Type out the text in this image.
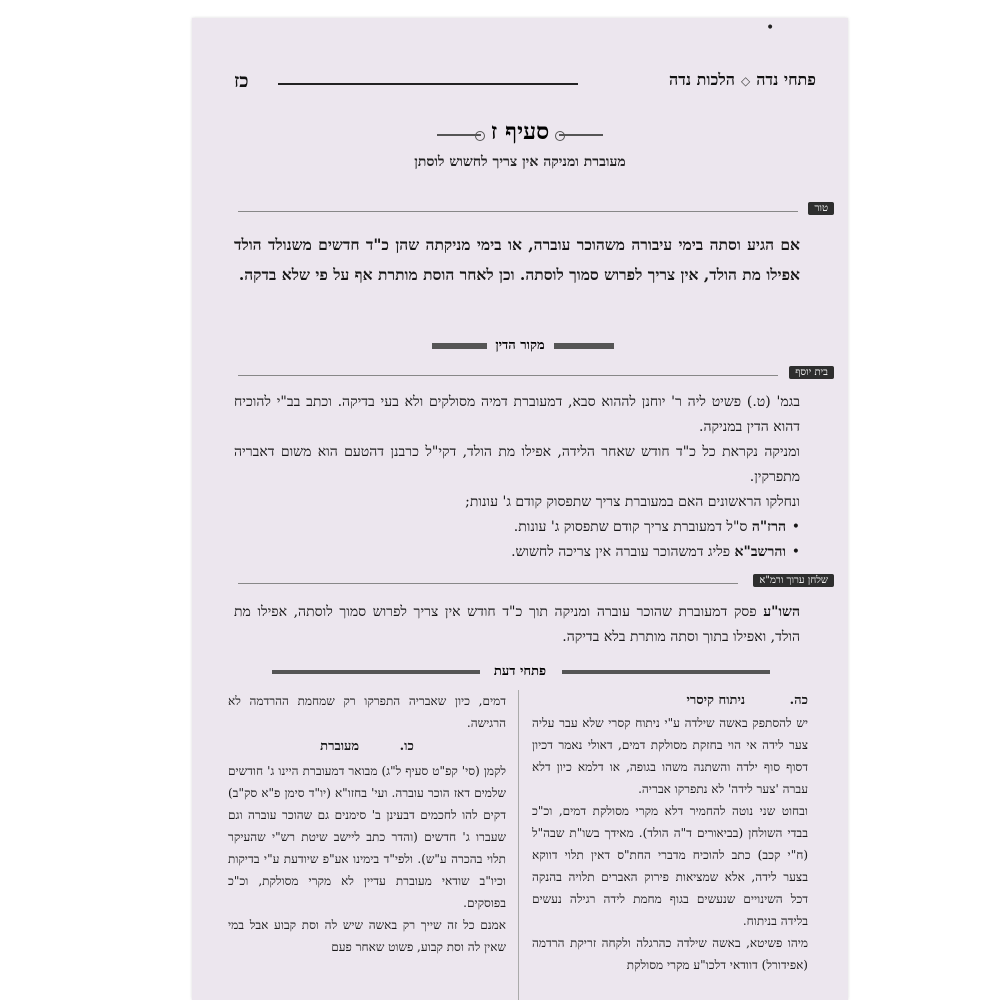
•
כז	פתחי נדה◇הלכות נדה
סעיף ז
מעוברת ומניקה אין צריך לחשוש לוסתן
טור
אם הגיע וסתה בימי עיבורה משהוכר עוברה, או בימי מניקתה שהן כ"ד חדשים משנולד הולד אפילו מת הולד, אין צריך לפרוש סמוך לוסתה. וכן לאחר הוסת מותרת אף על פי שלא בדקה.
מקור הדין
בית יוסף

בגמ' (ט.) פשיט ליה ר' יוחנן לההוא סבא, דמעוברת דמיה מסולקים ולא בעי בדיקה. וכתב בב"י להוכיח דהוא הדין במניקה.

ומניקה נקראת כל כ"ד חודש שאחר הלידה, אפילו מת הולד, דקי"ל כרבנן דהטעם הוא משום דאבריה מתפרקין.

ונחלקו הראשונים האם במעוברת צריך שתפסוק קודם ג' עונות;

• הרז"ה ס"ל דמעוברת צריך קודם שתפסוק ג' עונות.
• והרשב"א פליג דמשהוכר עוברה אין צריכה לחשוש.
שלחן ערוך ורמ"א
השו"ע פסק דמעוברת שהוכר עוברה ומניקה תוך כ"ד חודש אין צריך לפרוש סמוך לוסתה, אפילו מת הולד, ואפילו בתוך וסתה מותרת בלא בדיקה.
פתחי דעת
כה. ניתוח קיסרי

יש להסתפק באשה שילדה ע"י ניתוח קסרי שלא עבר עליה צער לידה אי הוי בחזקת מסולקת דמים, דאולי נאמר דכיון דסוף סוף ילדה והשתנה משהו בגופה, או דלמא כיון דלא עברה 'צער לידה' לא נתפרקו אבריה.

ובחוט שני נוטה להחמיר דלא מקרי מסולקת דמים, וכ"כ בבדי השולחן (בביאורים ד"ה הולד). מאידך בשו"ת שבה"ל (ח"י קכב) כתב להוכיח מדברי החת"ס דאין תלוי דווקא בצער לידה, אלא שמציאות פירוק האברים תלויה בהנקה דכל השינויים שנעשים בגוף מחמת לידה רגילה נעשים בלידה בניתוח.

מיהו פשיטא, באשה שילדה כהרגלה ולקחה זריקת הרדמה (אפידורל) דוודאי דלכו"ע מקרי מסולקת

דמים, כיון שאבריה התפרקו רק שמחמת ההרדמה לא הרגישה.

כו. מעוברת

לקמן (סי' קפ"ט סעיף ל"ג) מבואר דמעוברת היינו ג' חודשים שלמים דאז הוכר עוברה. ועי' בחזו"א (יו"ד סימן פ"א סק"ב) דקים להו לחכמים דבעינן ב' סימנים גם שהוכר עוברה וגם שעברו ג' חדשים (והדר כתב ליישב שיטת רש"י שהעיקר תלוי בהכרה ע"ש). ולפי"ד בימינו אע"פ שיודעת ע"י בדיקות וכיו"ב שודאי מעוברת עדיין לא מקרי מסולקת, וכ"כ בפוסקים.

אמנם כל זה שייך רק באשה שיש לה וסת קבוע אבל במי שאין לה וסת קבוע, פשוט שאחר פעם
